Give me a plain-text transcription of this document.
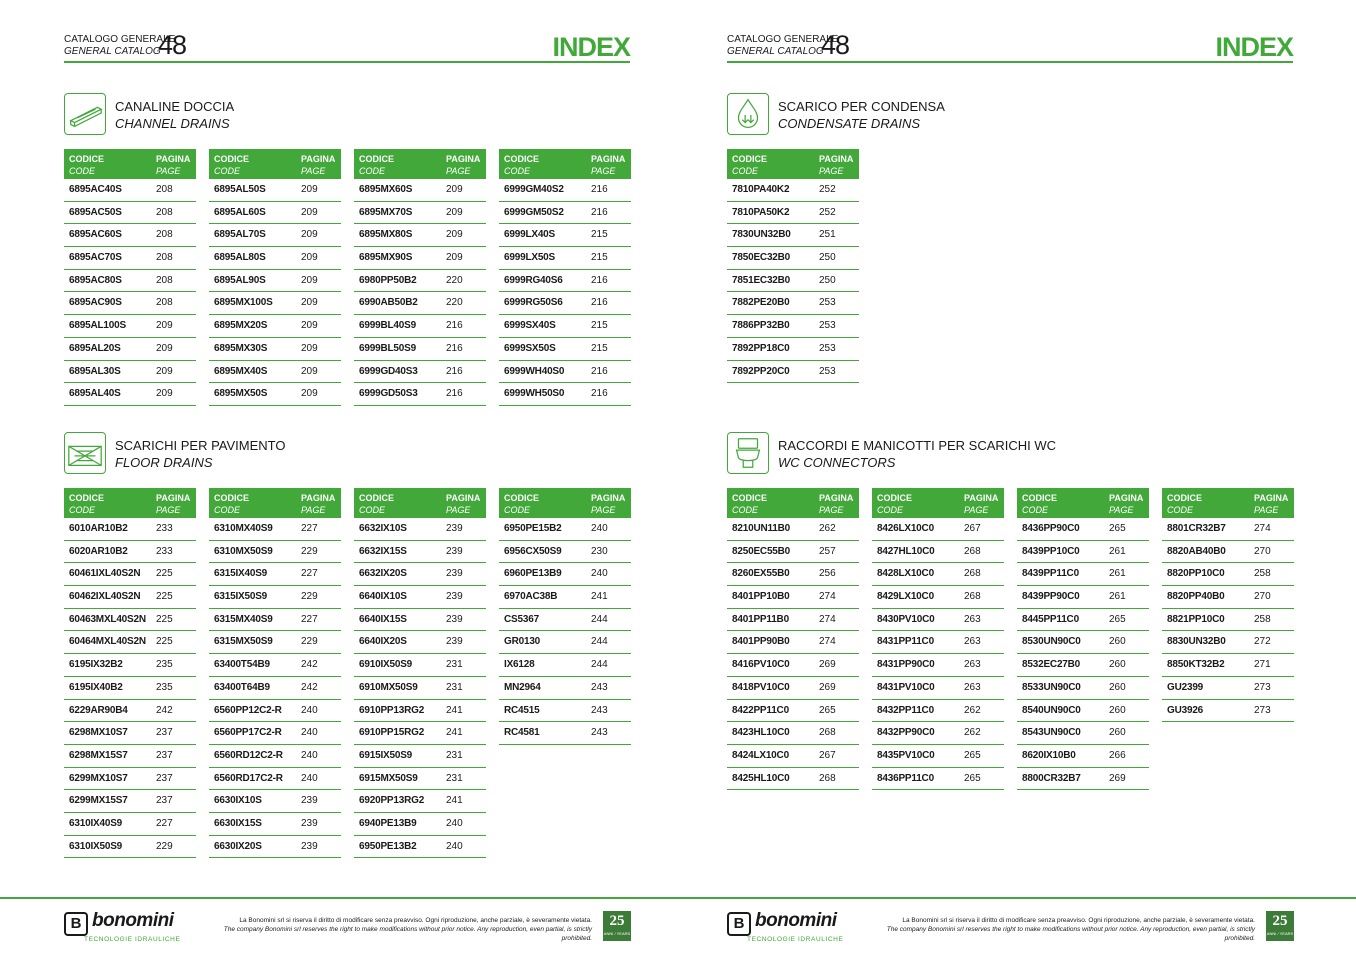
CATALOGO GENERALE
GENERAL CATALOG
48	INDEX
CANALINE DOCCIA
CHANNEL DRAINS
CODICE
CODE
PAGINA
PAGE
6895AC40S	208
6895AC50S	208
6895AC60S	208
6895AC70S	208
6895AC80S	208
6895AC90S	208
6895AL100S	209
6895AL20S	209
6895AL30S	209
6895AL40S	209
CODICE
CODE
PAGINA
PAGE
6895AL50S	209
6895AL60S	209
6895AL70S	209
6895AL80S	209
6895AL90S	209
6895MX100S	209
6895MX20S	209
6895MX30S	209
6895MX40S	209
6895MX50S	209
CODICE
CODE
PAGINA
PAGE
6895MX60S	209
6895MX70S	209
6895MX80S	209
6895MX90S	209
6980PP50B2	220
6990AB50B2	220
6999BL40S9	216
6999BL50S9	216
6999GD40S3	216
6999GD50S3	216
CODICE
CODE
PAGINA
PAGE
6999GM40S2	216
6999GM50S2	216
6999LX40S	215
6999LX50S	215
6999RG40S6	216
6999RG50S6	216
6999SX40S	215
6999SX50S	215
6999WH40S0	216
6999WH50S0	216
SCARICHI PER PAVIMENTO
FLOOR DRAINS
CODICE
CODE
PAGINA
PAGE
6010AR10B2	233
6020AR10B2	233
60461IXL40S2N 225
60462IXL40S2N 225
60463MXL40S2N 225
60464MXL40S2N 225
6195IX32B2	235
6195IX40B2	235
6229AR90B4	242
6298MX10S7	237
6298MX15S7	237
6299MX10S7	237
6299MX15S7	237
6310IX40S9	227
6310IX50S9	229
CODICE
CODE
PAGINA
PAGE
6310MX40S9	227
6310MX50S9	229
6315IX40S9	227
6315IX50S9	229
6315MX40S9	227
6315MX50S9	229
63400T54B9	242
63400T64B9	242
6560PP12C2-R 240
6560PP17C2-R 240
6560RD12C2-R 240
6560RD17C2-R 240
6630IX10S	239
6630IX15S	239
6630IX20S	239
CODICE
CODE
PAGINA
PAGE
6632IX10S	239
6632IX15S	239
6632IX20S	239
6640IX10S	239
6640IX15S	239
6640IX20S	239
6910IX50S9	231
6910MX50S9	231
6910PP13RG2 241
6910PP15RG2 241
6915IX50S9	231
6915MX50S9	231
6920PP13RG2 241
6940PE13B9	240
6950PE13B2	240
CODICE
CODE
PAGINA
PAGE
6950PE15B2	240
6956CX50S9	230
6960PE13B9	240
6970AC38B	241
CS5367	244
GR0130	244
IX6128	244
MN2964	243
RC4515	243
RC4581	243
B bonomini
TECNOLOGIE IDRAULICHE
La Bonomini srl si riserva il diritto di modificare senza preavviso. Ogni riproduzione, anche parziale, è severamente vietata.
The company Bonomini srl reserves the right to make modifications without prior notice. Any reproduction, even partial, is strictly prohibited.
25
ANNI / YEARS
CATALOGO GENERALE
GENERAL CATALOG
48	INDEX
SCARICO PER CONDENSA
CONDENSATE DRAINS
CODICE
CODE
PAGINA
PAGE
7810PA40K2	252
7810PA50K2	252
7830UN32B0	251
7850EC32B0	250
7851EC32B0	250
7882PE20B0	253
7886PP32B0	253
7892PP18C0	253
7892PP20C0	253
RACCORDI E MANICOTTI PER SCARICHI WC
WC CONNECTORS
CODICE
CODE
PAGINA
PAGE
8210UN11B0	262
8250EC55B0	257
8260EX55B0	256
8401PP10B0	274
8401PP11B0	274
8401PP90B0	274
8416PV10C0	269
8418PV10C0	269
8422PP11C0	265
8423HL10C0	268
8424LX10C0	267
8425HL10C0	268
CODICE
CODE
PAGINA
PAGE
8426LX10C0	267
8427HL10C0	268
8428LX10C0	268
8429LX10C0	268
8430PV10C0	263
8431PP11C0	263
8431PP90C0	263
8431PV10C0	263
8432PP11C0	262
8432PP90C0	262
8435PV10C0	265
8436PP11C0	265
CODICE
CODE
PAGINA
PAGE
8436PP90C0	265
8439PP10C0	261
8439PP11C0	261
8439PP90C0	261
8445PP11C0	265
8530UN90C0	260
8532EC27B0	260
8533UN90C0	260
8540UN90C0	260
8543UN90C0	260
8620IX10B0	266
8800CR32B7	269
CODICE
CODE
PAGINA
PAGE
8801CR32B7	274
8820AB40B0	270
8820PP10C0	258
8820PP40B0	270
8821PP10C0	258
8830UN32B0	272
8850KT32B2	271
GU2399	273
GU3926	273
B bonomini
TECNOLOGIE IDRAULICHE
La Bonomini srl si riserva il diritto di modificare senza preavviso. Ogni riproduzione, anche parziale, è severamente vietata.
The company Bonomini srl reserves the right to make modifications without prior notice. Any reproduction, even partial, is strictly prohibited.
25
ANNI / YEARS
